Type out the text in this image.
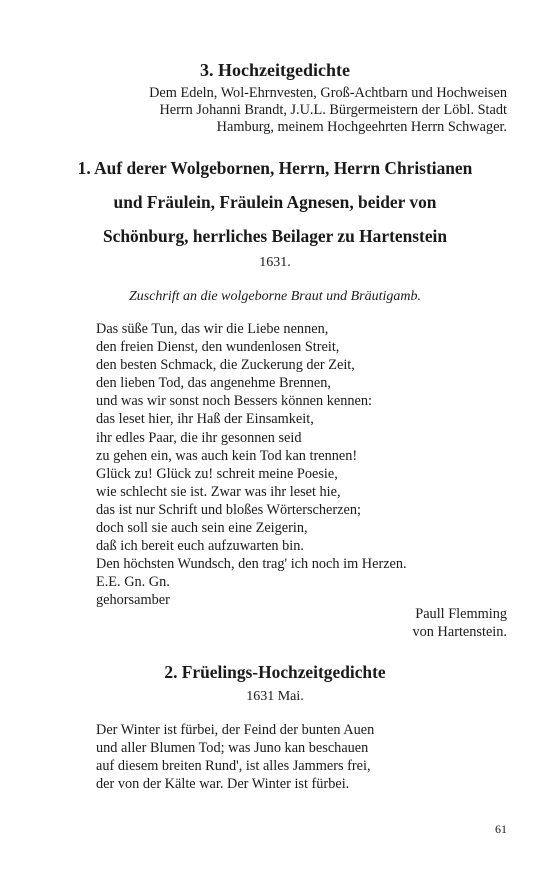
3. Hochzeitgedichte
Dem Edeln, Wol-Ehrnvesten, Groß-Achtbarn und Hochweisen
Herrn Johanni Brandt, J.U.L. Bürgermeistern der Löbl. Stadt
Hamburg, meinem Hochgeehrten Herrn Schwager.
1. Auf derer Wolgebornen, Herrn, Herrn Christianen
und Fräulein, Fräulein Agnesen, beider von
Schönburg, herrliches Beilager zu Hartenstein
1631.
Zuschrift an die wolgeborne Braut und Bräutigamb.
Das süße Tun, das wir die Liebe nennen,
den freien Dienst, den wundenlosen Streit,
den besten Schmack, die Zuckerung der Zeit,
den lieben Tod, das angenehme Brennen,
und was wir sonst noch Bessers können kennen:
das leset hier, ihr Haß der Einsamkeit,
ihr edles Paar, die ihr gesonnen seid
zu gehen ein, was auch kein Tod kan trennen!
Glück zu! Glück zu! schreit meine Poesie,
wie schlecht sie ist. Zwar was ihr leset hie,
das ist nur Schrift und bloßes Wörterscherzen;
doch soll sie auch sein eine Zeigerin,
daß ich bereit euch aufzuwarten bin.
Den höchsten Wundsch, den trag' ich noch im Herzen.
E.E. Gn. Gn.
gehorsamber
Paull Flemming
von Hartenstein.
2. Früelings-Hochzeitgedichte
1631 Mai.
Der Winter ist fürbei, der Feind der bunten Auen
und aller Blumen Tod; was Juno kan beschauen
auf diesem breiten Rund', ist alles Jammers frei,
der von der Kälte war. Der Winter ist fürbei.
61
